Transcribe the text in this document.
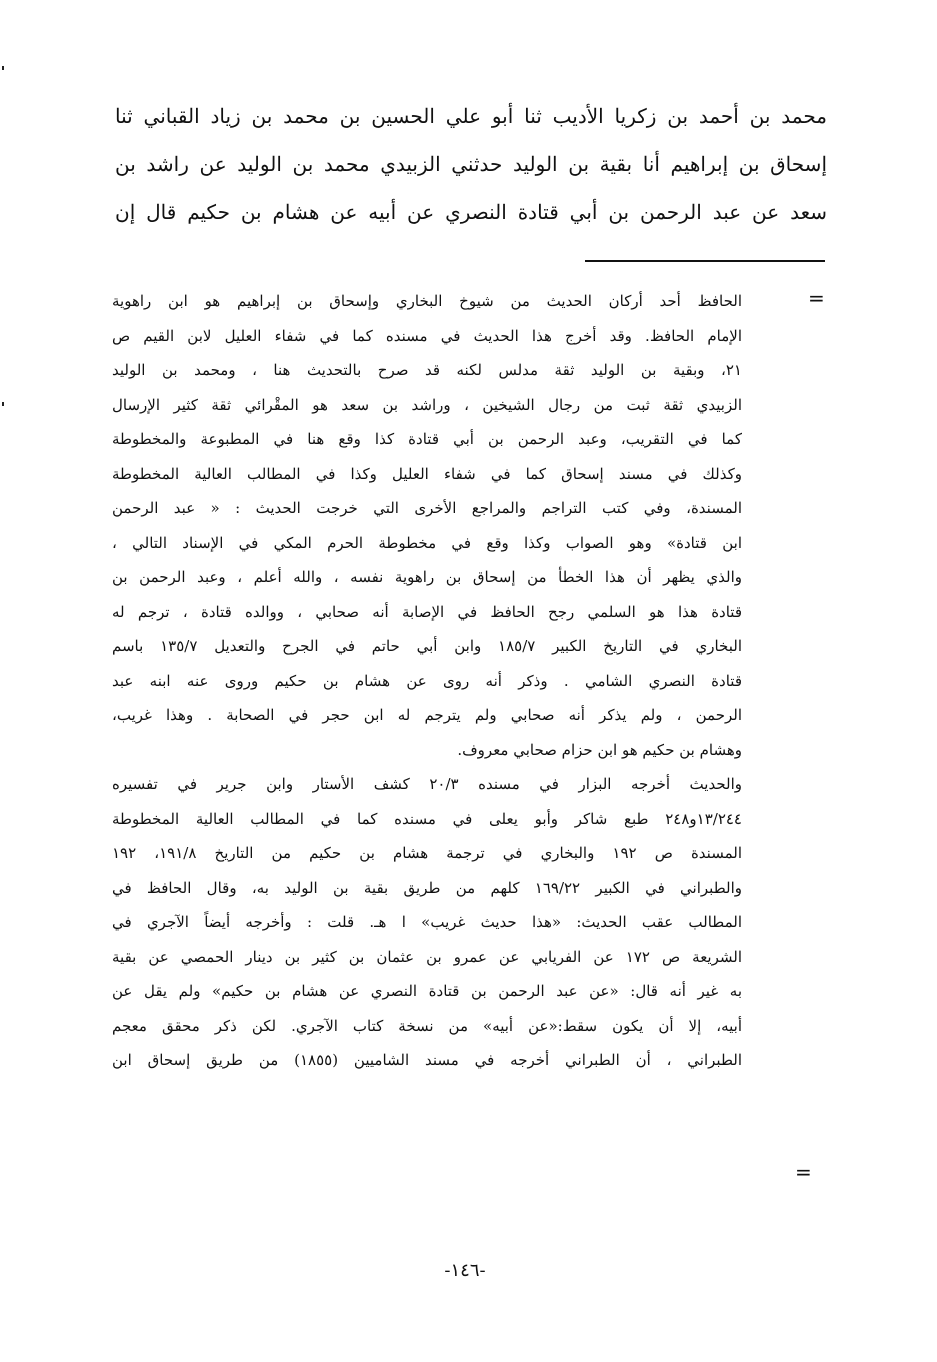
محمد بن أحمد بن زكريا الأديب ثنا أبو علي الحسين بن محمد بن زياد القباني ثنا
إسحاق بن إبراهيم أنا بقية بن الوليد حدثني الزبيدي محمد بن الوليد عن راشد بن
سعد عن عبد الرحمن بن أبي قتادة النصري عن أبيه عن هشام بن حكيم قال إن
=
الحافظ أحد أركان الحديث من شيوخ البخاري وإسحاق بن إبراهيم هو ابن راهوية
الإمام الحافظ. وقد أخرج هذا الحديث في مسنده كما في شفاء العليل لابن القيم ص
٢١، وبقية بن الوليد ثقة مدلس لكنه قد صرح بالتحديث هنا ، ومحمد بن الوليد
الزبيدي ثقة ثبت من رجال الشيخين ، وراشد بن سعد هو المقْرائي ثقة كثير الإرسال
كما في التقريب، وعبد الرحمن بن أبي قتادة كذا وقع هنا في المطبوعة والمخطوطة
وكذلك في مسند إسحاق كما في شفاء العليل وكذا في المطالب العالية المخطوطة
المسندة، وفي كتب التراجم والمراجع الأخرى التي خرجت الحديث : « عبد الرحمن
ابن قتادة» وهو الصواب وكذا وقع في مخطوطة الحرم المكي في الإسناد التالي ،
والذي يظهر أن هذا الخطأ من إسحاق بن راهوية نفسه ، والله أعلم ، وعبد الرحمن بن
قتادة هذا هو السلمي رجح الحافظ في الإصابة أنه صحابي ، ووالده قتادة ، ترجم له
البخاري في التاريخ الكبير ١٨٥/٧ وابن أبي حاتم في الجرح والتعديل ١٣٥/٧ باسم
قتادة النصري الشامي . وذكر أنه روى عن هشام بن حكيم وروى عنه ابنه عبد
الرحمن ، ولم يذكر أنه صحابي ولم يترجم له ابن حجر في الصحابة . وهذا غريب،
وهشام بن حكيم هو ابن حزام صحابي معروف.
والحديث أخرجه البزار في مسنده ٢٠/٣ كشف الأستار وابن جرير في تفسيره
١٣/٢٤٤و٢٤٨ طبع شاكر وأبو يعلى في مسنده كما في المطالب العالية المخطوطة
المسندة ص ١٩٢ والبخاري في ترجمة هشام بن حكيم من التاريخ ١٩١/٨، ١٩٢
والطبراني في الكبير ١٦٩/٢٢ كلهم من طريق بقية بن الوليد به، وقال الحافظ في
المطالب عقب الحديث: «هذا حديث غريب» ا هـ. قلت : وأخرجه أيضاً الآجري في
الشريعة ص ١٧٢ عن الفريابي عن عمرو بن عثمان بن كثير بن دينار الحمصي عن بقية
به غير أنه قال: «عن عبد الرحمن بن قتادة النصري عن هشام بن حكيم» ولم يقل عن
أبيه، إلا أن يكون سقط:«عن أبيه» من نسخة كتاب الآجري. لكن ذكر محقق معجم
الطبراني ، أن الطبراني أخرجه في مسند الشاميين (١٨٥٥) من طريق إسحاق ابن
=
-١٤٦-
